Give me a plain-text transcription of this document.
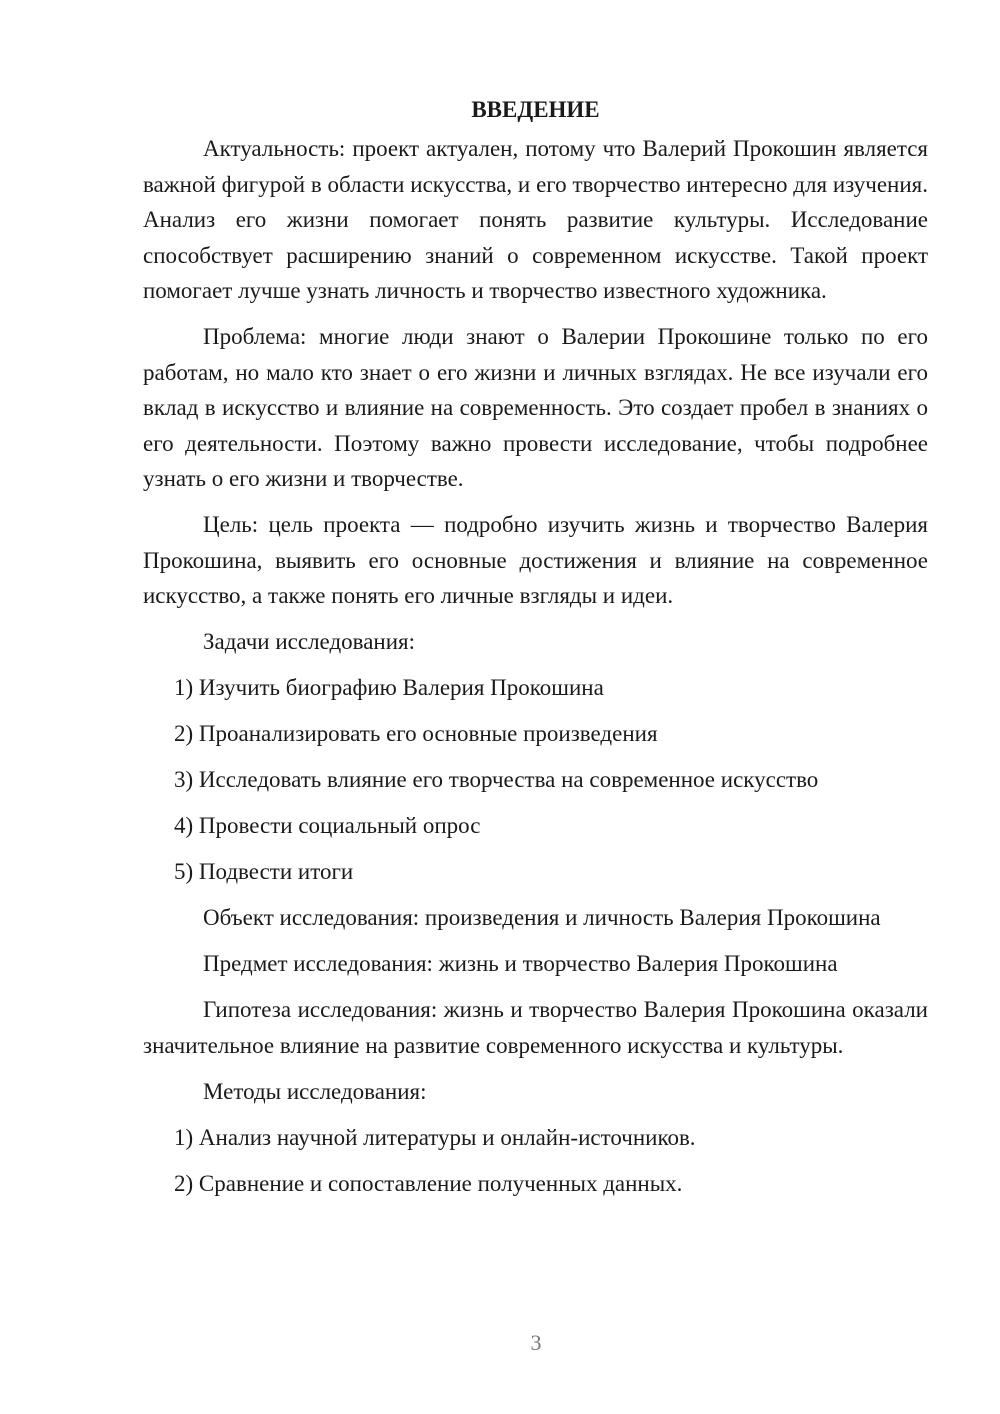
ВВЕДЕНИЕ

Актуальность: проект актуален, потому что Валерий Прокошин является важной фигурой в области искусства, и его творчество интересно для изучения. Анализ его жизни помогает понять развитие культуры. Исследование способствует расширению знаний о современном искусстве. Такой проект помогает лучше узнать личность и творчество известного художника.

Проблема: многие люди знают о Валерии Прокошине только по его работам, но мало кто знает о его жизни и личных взглядах. Не все изучали его вклад в искусство и влияние на современность. Это создает пробел в знаниях о его деятельности. Поэтому важно провести исследование, чтобы подробнее узнать о его жизни и творчестве.

Цель: цель проекта — подробно изучить жизнь и творчество Валерия Прокошина, выявить его основные достижения и влияние на современное искусство, а также понять его личные взгляды и идеи.

Задачи исследования:

1) Изучить биографию Валерия Прокошина
2) Проанализировать его основные произведения
3) Исследовать влияние его творчества на современное искусство
4) Провести социальный опрос
5) Подвести итоги

Объект исследования: произведения и личность Валерия Прокошина

Предмет исследования: жизнь и творчество Валерия Прокошина

Гипотеза исследования: жизнь и творчество Валерия Прокошина оказали значительное влияние на развитие современного искусства и культуры.

Методы исследования:

1) Анализ научной литературы и онлайн-источников.
2) Сравнение и сопоставление полученных данных.
3
